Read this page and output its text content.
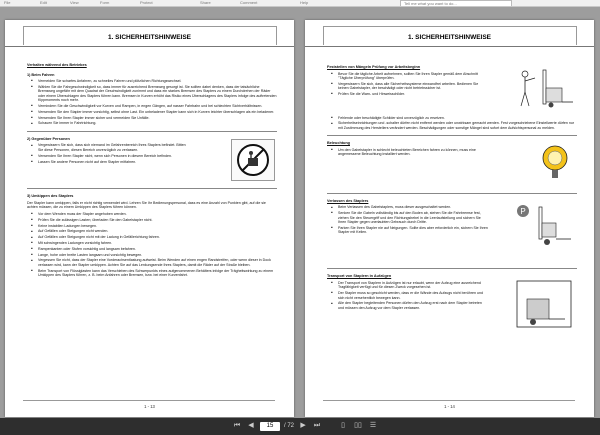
File	Edit	View	Form	Protect	Share	Comment	Help	Tell me what you want to do...
1. SICHERHEITSHINWEISE
Verhalten während des Betriebes
1) Beim Fahren
■ Vermeiden Sie scharfes Anfahren, zu schnelles Fahren und plötzlichen Richtungswechsel.
■ Wählen Sie die Fahrgeschwindigkeit so, dass immer für ausreichend Bremsweg gesorgt ist. Sie sollten dabei denken, dass der tatsächliche Bremsweg ungefähr mit dem Quadrat der Geschwindigkeit zunimmt und dass ein starkes Bremsen des Staplers zu einem Durchdrehen der Räder oder einem Überschlagen des Staplers führen kann. Bremsen in Kurven erhöht das Risiko eines Überschlagens des Staplers infolge des auftretenden Kippmoments noch mehr.
■ Vermindern Sie die Geschwindigkeit vor Kurven und Rampen, in engen Gängen, auf nasser Fahrbahn und bei schlechten Sichtverhältnissen.
■ Verwenden Sie den Stapler immer vorsichtig, selbst ohne Last. Ein unbeladener Stapler kann sich in Kurven leichter überschlagen als ein beladener.
■ Verwenden Sie Ihren Stapler immer sicher und vermeiden Sie Unfälle.
■ Schauen Sie immer in Fahrtrichtung.
2) Gegenüber Personen
■ Vergewissern Sie sich, dass sich niemand im Gefahrenbereich Ihres Staplers befindet. Bitten Sie diese Personen, diesen Bereich unverzüglich zu verlassen.
■ Verwenden Sie Ihren Stapler nicht, wenn sich Personen in diesem Bereich befinden.
■ Lassen Sie andere Personen nicht auf dem Stapler mitfahren.
3) Umkippen des Staplers

Der Stapler kann umkippen, falls er nicht richtig verwendet wird. Lehren Sie Ihr Bedienungspersonal, dass es eine Anzahl von Punkten gibt, auf die sie achten müssen, die zu einem Umkippen des Staplers führen können.

■ Vor dem Wenden muss der Stapler angehoben werden.
■ Prüfen Sie die zulässigen Lasten; überladen Sie den Gabelstapler nicht.
■ Keine instabilen Ladungen bewegen.
■ Auf Gefällen oder Steigungen nicht wenden.
■ Auf Gefällen oder Steigungen nicht mit der Ladung in Gefällerichtung fahren.
■ Mit schwingenden Ladungen vorsichtig fahren.
■ Rampenkanten oder Stufen vorsichtig und langsam befahren.
■ Lange, hohe oder breite Lasten langsam und vorsichtig bewegen.
■ Vergessen Sie nicht, dass der Stapler eine Vorderachsentlastung aufweist. Beim Wenden auf einen engen Randstreifen, oder wenn dieser in Dock verlassen wird, kann der Stapler umkippen. Achten Sie auf das Lenkungsende Ihres Staplers, damit die Räder auf der Straße bleiben.
■ Beim Transport von Flüssiglasten kann das Verschieben des Schwerpunkts eines aufgenommenen Behälters infolge der Trägheitswirkung zu einem Umkippen des Staplers führen, z. B. beim Anfahren oder Bremsen, bzw. bei einer Kurvenfahrt.
1 - 13
1. SICHERHEITSHINWEISE
Feststellen von Mängeln Prüfung vor Arbeitsbeginn
■ Bevor Sie die tägliche Arbeit aufnehmen, sollten Sie Ihren Stapler gemäß dem Abschnitt "Tägliche Überprüfung" überprüfen.
■ Vergewissern Sie sich, dass alle Sicherheitssysteme einwandfrei arbeiten. Bedienen Sie keinen Gabelstapler, der beschädigt oder nicht betriebssicher ist.
■ Prüfen Sie die Warn- und Hinweisschilder.
■ Fehlende oder beschädigte Schilder sind unverzüglich zu ersetzen.
■ Sicherheitseinrichtungen und -schalter dürfen nicht entfernt werden oder unwirksam gemacht werden. Fest vorgeschriebene Einstellwerte dürfen nur mit Zustimmung des Herstellers verändert werden. Beschädigungen oder sonstige Mängel sind sofort dem Aufsichtspersonal zu melden.
Beleuchtung
■ Um den Gabelstapler in schlecht beleuchteten Bereichen fahren zu können, muss eine angemessene Beleuchtung installiert werden.
Verlassen des Staplers
■ Beim Verlassen des Gabelstaplers, muss dieser ausgeschaltet werden.
■ Senken Sie die Gabeln vollständig bis auf den Boden ab, stehen Sie die Fahrbremse fest, ziehen Sie den Steuergriff und den Richtungshebel in die Leerlaufstellung und sichern Sie Ihren Stapler gegen unerlaubten Gebrauch durch Dritte.
■ Parken Sie Ihren Stapler nie auf Neigungen. Sollte dies aber erforderlich ein, sichern Sie Ihren Stapler mit Keilen.
P
Transport von Staplern in Aufzügen
■ Der Transport von Staplern in Aufzügen ist nur erlaubt, wenn der Aufzug eine ausreichend Tragfähigkeit verfügt und für diesen Zweck vorgesehen ist.
■ Der Stapler muss so geschicht werden, dass er die Wände des Aufzugs nicht berühren und sich nicht versehentlich bewegen kann.
■ Alle den Stapler begleitenden Personen dürfen den Aufzug erst nach dem Stapler betreten und müssen den Aufzug vor dem Stapler verlassen.
1 - 14
⏮	◀	15	/ 72 ▶	⏭	▯	▯▯ ☰
